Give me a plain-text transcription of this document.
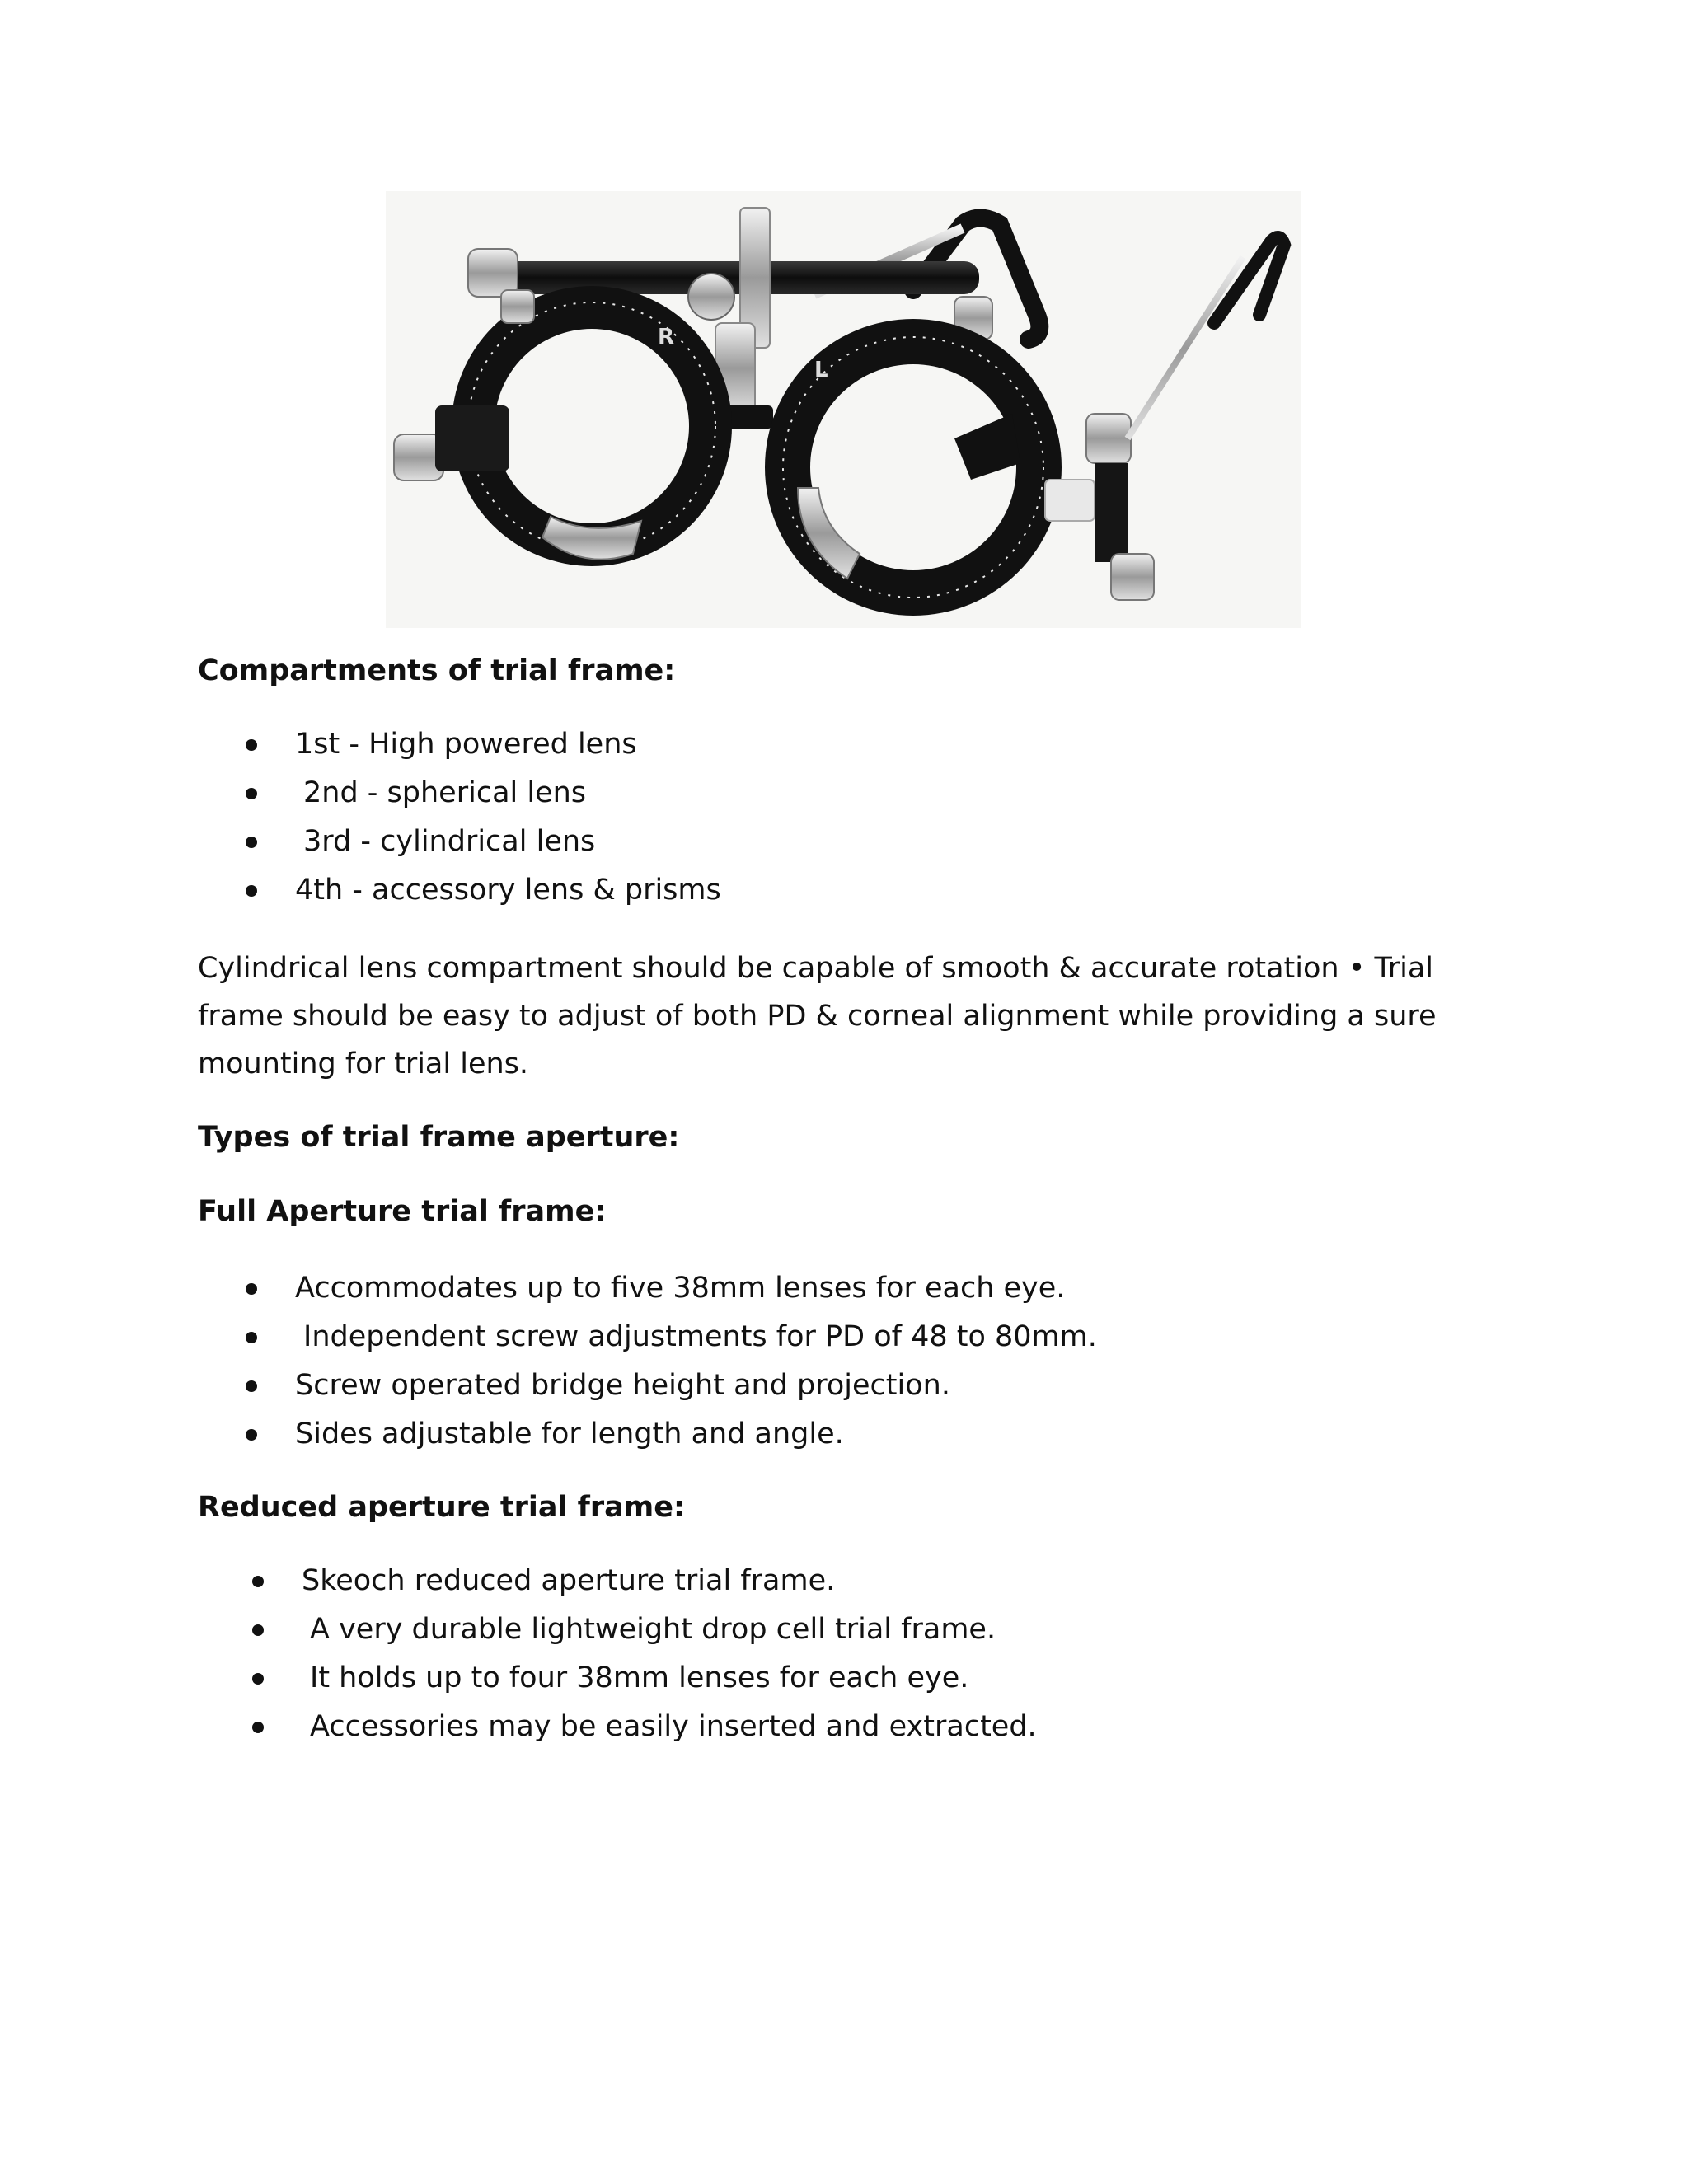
R
L
Compartments of trial frame:
1st - High powered lens
2nd - spherical lens
3rd - cylindrical lens
4th - accessory lens & prisms

Cylindrical lens compartment should be capable of smooth & accurate rotation • Trial frame should be easy to adjust of both PD & corneal alignment while providing a sure mounting for trial lens.

Types of trial frame aperture:
Full Aperture trial frame:
Accommodates up to five 38mm lenses for each eye.
Independent screw adjustments for PD of 48 to 80mm.
Screw operated bridge height and projection.
Sides adjustable for length and angle.
Reduced aperture trial frame:
Skeoch reduced aperture trial frame.
A very durable lightweight drop cell trial frame.
It holds up to four 38mm lenses for each eye.
Accessories may be easily inserted and extracted.
